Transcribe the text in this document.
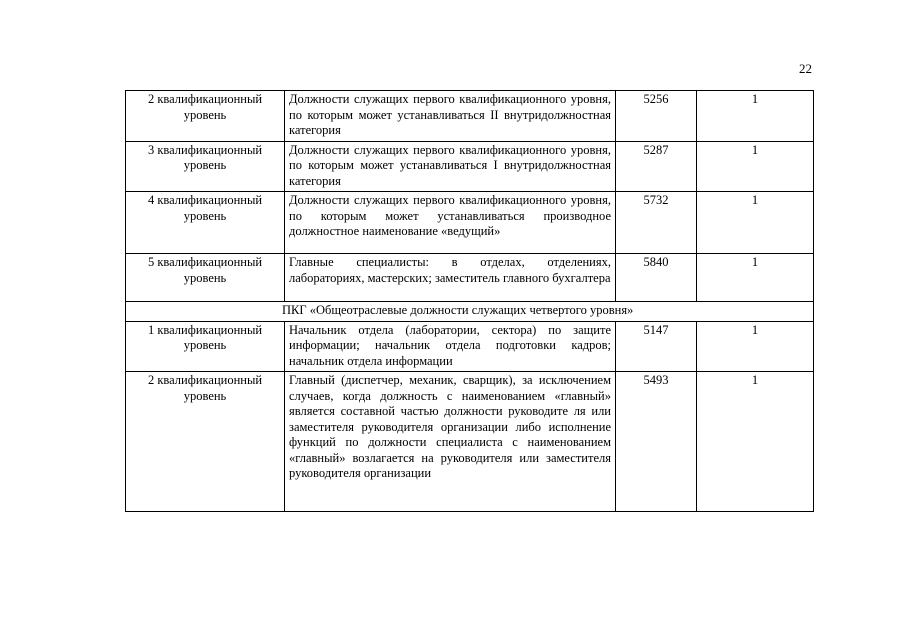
22
2 квалификационный уровень	Должности служащих первого квалификационного уровня, по которым может устанавливаться II внутридолжностная категория	5256	1
3 квалификационный уровень	Должности служащих первого квалификационного уровня, по которым может устанавливаться I внутридолжностная категория	5287	1
4 квалификационный уровень	Должности служащих первого квалификационного уровня, по которым может устанавливаться производное должностное наименование «ведущий»	5732	1
5 квалификационный уровень	Главные специалисты: в отделах, отделениях, лабораториях, мастерских; заместитель главного бухгалтера	5840	1
ПКГ «Общеотраслевые должности служащих четвертого уровня»			
1 квалификационный уровень	Начальник отдела (лаборатории, сектора) по защите информации; начальник отдела подготовки кадров; начальник отдела информации	5147	1
2 квалификационный уровень	Главный (диспетчер, механик, сварщик), за исключением случаев, когда должность с наименованием «главный» является составной частью должности руководите ля или заместителя руководителя организации либо исполнение функций по должности специалиста с наименованием «главный» возлагается на руководителя или заместителя руководителя организации	5493	1
